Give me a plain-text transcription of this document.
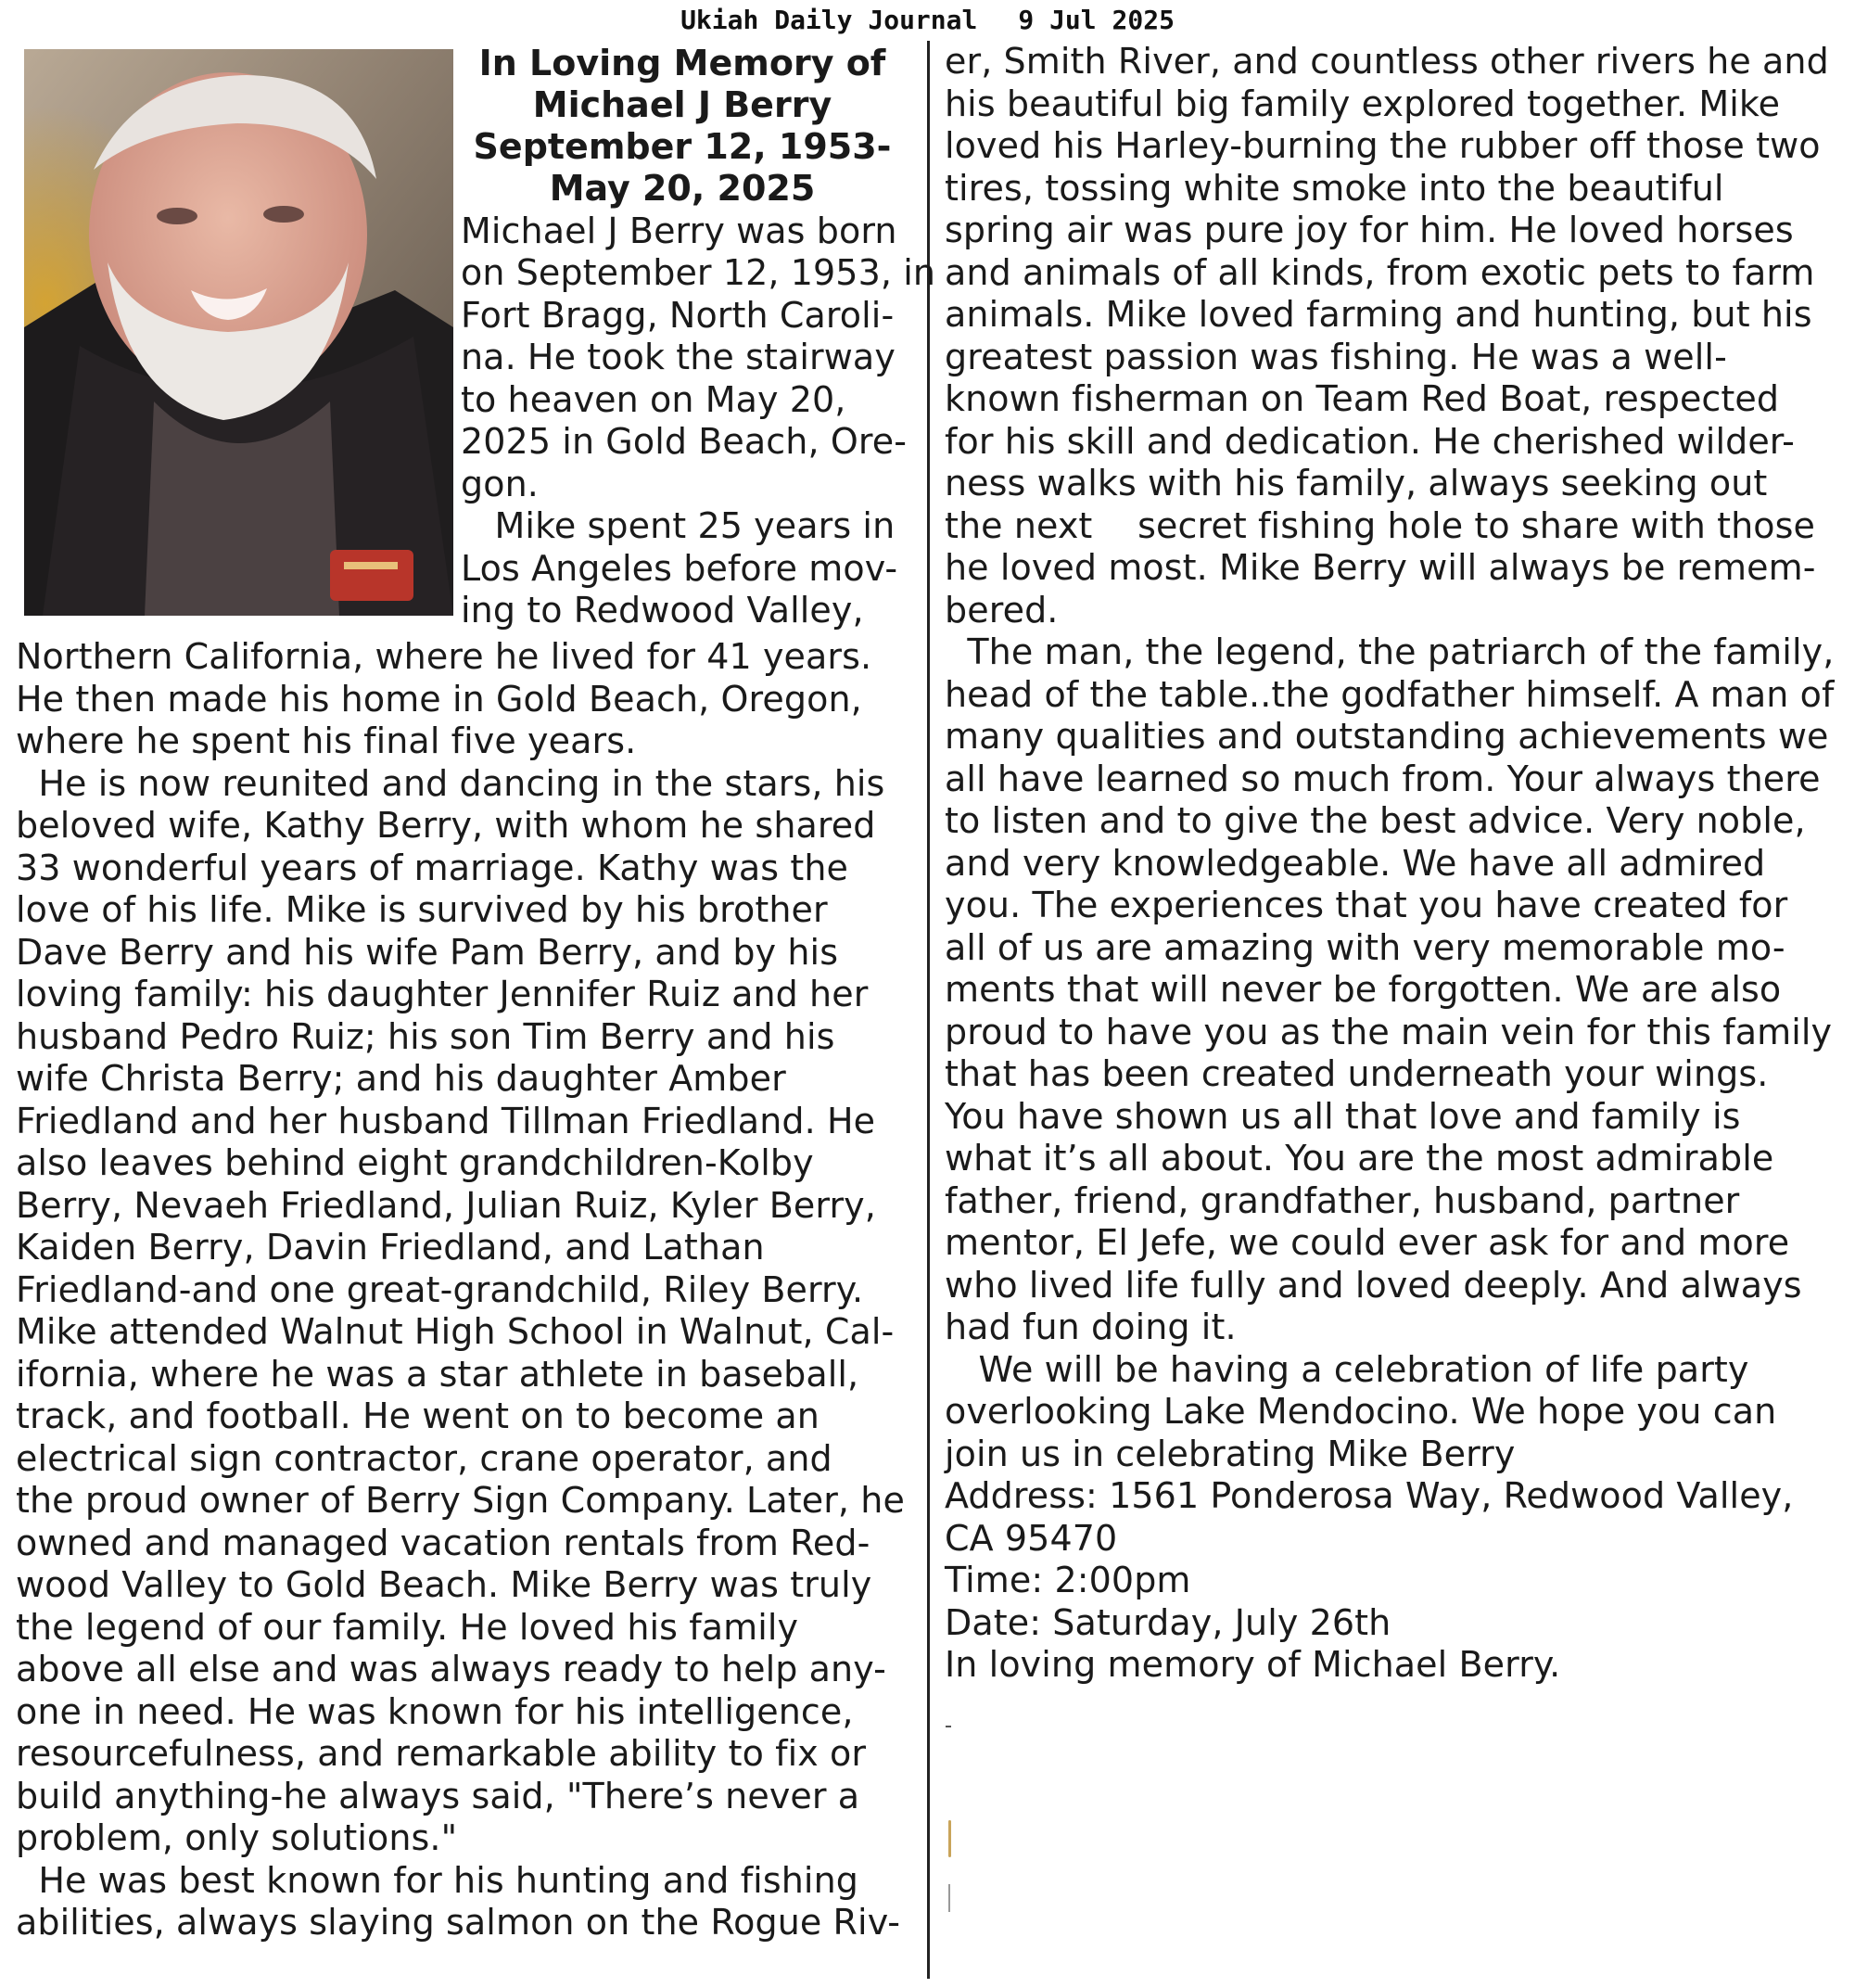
Ukiah Daily Journal 9 Jul 2025
In Loving Memory of
Michael J Berry
September 12, 1953-
May 20, 2025
Michael J Berry was born
on September 12, 1953, in
Fort Bragg, North Caroli-
na. He took the stairway
to heaven on May 20,
2025 in Gold Beach, Ore-
gon.
Mike spent 25 years in
Los Angeles before mov-
ing to Redwood Valley,
Northern California, where he lived for 41 years.
He then made his home in Gold Beach, Oregon,
where he spent his final five years.
He is now reunited and dancing in the stars, his
beloved wife, Kathy Berry, with whom he shared
33 wonderful years of marriage. Kathy was the
love of his life. Mike is survived by his brother
Dave Berry and his wife Pam Berry, and by his
loving family: his daughter Jennifer Ruiz and her
husband Pedro Ruiz; his son Tim Berry and his
wife Christa Berry; and his daughter Amber
Friedland and her husband Tillman Friedland. He
also leaves behind eight grandchildren-Kolby
Berry, Nevaeh Friedland, Julian Ruiz, Kyler Berry,
Kaiden Berry, Davin Friedland, and Lathan
Friedland-and one great-grandchild, Riley Berry.
Mike attended Walnut High School in Walnut, Cal-
ifornia, where he was a star athlete in baseball,
track, and football. He went on to become an
electrical sign contractor, crane operator, and
the proud owner of Berry Sign Company. Later, he
owned and managed vacation rentals from Red-
wood Valley to Gold Beach. Mike Berry was truly
the legend of our family. He loved his family
above all else and was always ready to help any-
one in need. He was known for his intelligence,
resourcefulness, and remarkable ability to fix or
build anything-he always said, "There’s never a
problem, only solutions."
He was best known for his hunting and fishing
abilities, always slaying salmon on the Rogue Riv-
er, Smith River, and countless other rivers he and
his beautiful big family explored together. Mike
loved his Harley-burning the rubber off those two
tires, tossing white smoke into the beautiful
spring air was pure joy for him. He loved horses
and animals of all kinds, from exotic pets to farm
animals. Mike loved farming and hunting, but his
greatest passion was fishing. He was a well-
known fisherman on Team Red Boat, respected
for his skill and dedication. He cherished wilder-
ness walks with his family, always seeking out
the next    secret fishing hole to share with those
he loved most. Mike Berry will always be remem-
bered.
The man, the legend, the patriarch of the family,
head of the table..the godfather himself. A man of
many qualities and outstanding achievements we
all have learned so much from. Your always there
to listen and to give the best advice. Very noble,
and very knowledgeable. We have all admired
you. The experiences that you have created for
all of us are amazing with very memorable mo-
ments that will never be forgotten. We are also
proud to have you as the main vein for this family
that has been created underneath your wings.
You have shown us all that love and family is
what it’s all about. You are the most admirable
father, friend, grandfather, husband, partner
mentor, El Jefe, we could ever ask for and more
who lived life fully and loved deeply. And always
had fun doing it.
We will be having a celebration of life party
overlooking Lake Mendocino. We hope you can
join us in celebrating Mike Berry
Address: 1561 Ponderosa Way, Redwood Valley,
CA 95470
Time: 2:00pm
Date: Saturday, July 26th
In loving memory of Michael Berry.
